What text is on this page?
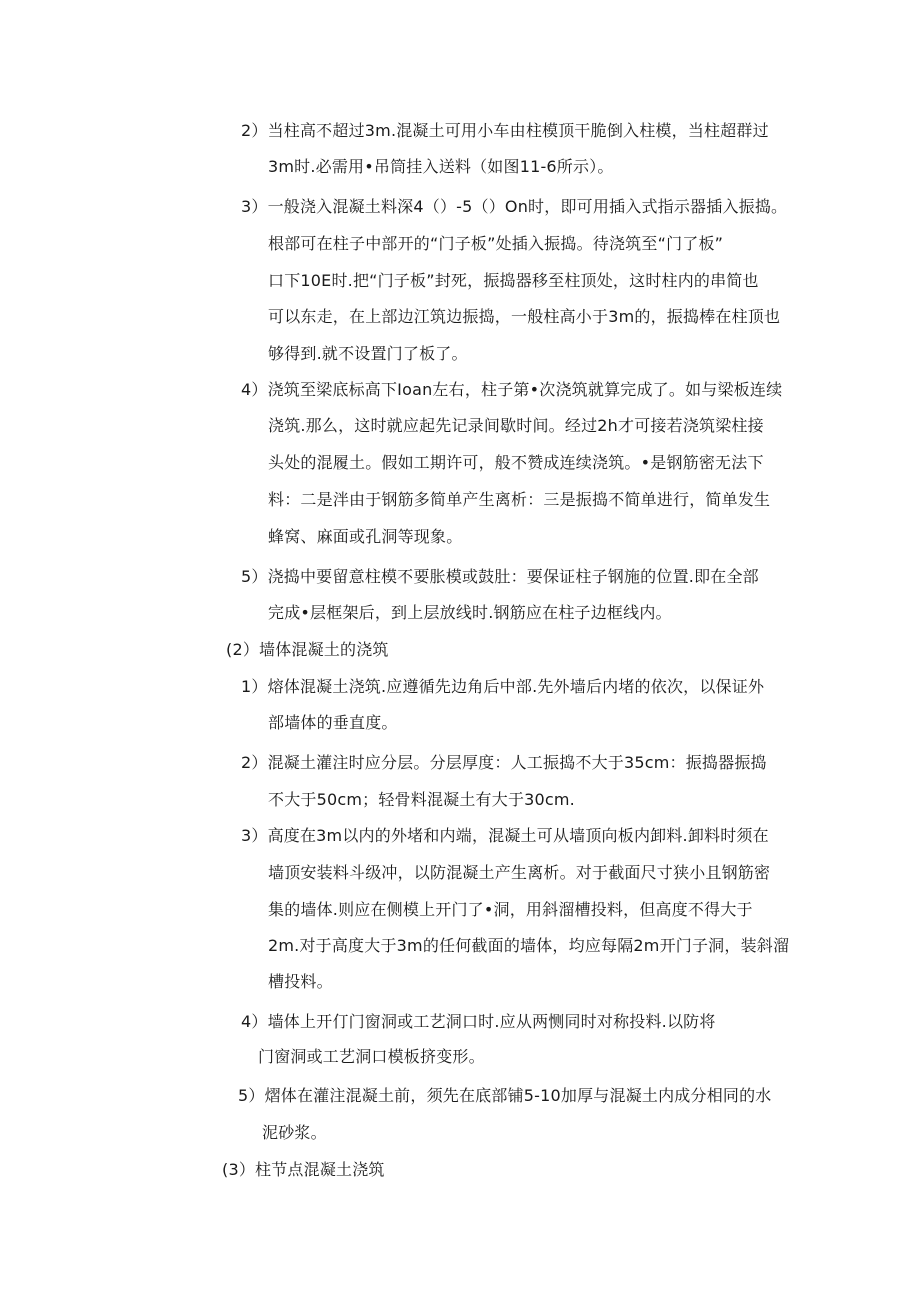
2）当柱高不超过3m.混凝土可用小车由柱模顶干脆倒入柱模，当柱超群过
3m时.必需用•吊筒挂入送料（如图11-6所示）。
3）一般浇入混凝土料深4（）-5（）On时，即可用插入式指示器插入振捣。
根部可在柱子中部开的“门子板”处插入振捣。待浇筑至“门了板”
口下10E时.把“门子板”封死，振捣器移至柱顶处，这时柱内的串简也
可以东走，在上部边江筑边振捣，一般柱高小于3m的，振捣棒在柱顶也
够得到.就不设置门了板了。
4）浇筑至梁底标高下Ioan左右，柱子第•次浇筑就算完成了。如与梁板连续
浇筑.那么，这时就应起先记录间歇时间。经过2h才可接若浇筑梁柱接
头处的混履土。假如工期许可，般不赞成连续浇筑。•是钢筋密无法下
料：二是泮由于钢筋多简单产生离析：三是振捣不简单进行，简单发生
蜂窝、麻面或孔洞等现象。
5）浇捣中要留意柱模不要胀模或鼓肚：要保证柱子钢施的位置.即在全部
完成•层框架后，到上层放线时.钢筋应在柱子边框线内。
(2）墙体混凝土的浇筑
1）熔体混凝土浇筑.应遵循先边角后中部.先外墙后内堵的依次，以保证外
部墙体的垂直度。
2）混凝土灌注时应分层。分层厚度：人工振捣不大于35cm：振捣器振捣
不大于50cm；轻骨料混凝土有大于30cm.
3）高度在3m以内的外堵和内端，混凝土可从墙顶向板内卸料.卸料时须在
墙顶安装料斗级冲，以防混凝土产生离析。对于截面尺寸狭小且钢筋密
集的墙体.则应在侧模上开门了•洞，用斜溜槽投料，但高度不得大于
2m.对于高度大于3m的任何截面的墙体，均应每隔2m开门子洞，装斜溜
槽投料。
4）墙体上开仃门窗洞或工艺洞口时.应从两恻同时对称投料.以防将
门窗洞或工艺洞口模板挤变形。
5）熠体在灌注混凝土前，须先在底部铺5-10加厚与混凝土内成分相同的水
泥砂浆。
(3）柱节点混凝土浇筑
